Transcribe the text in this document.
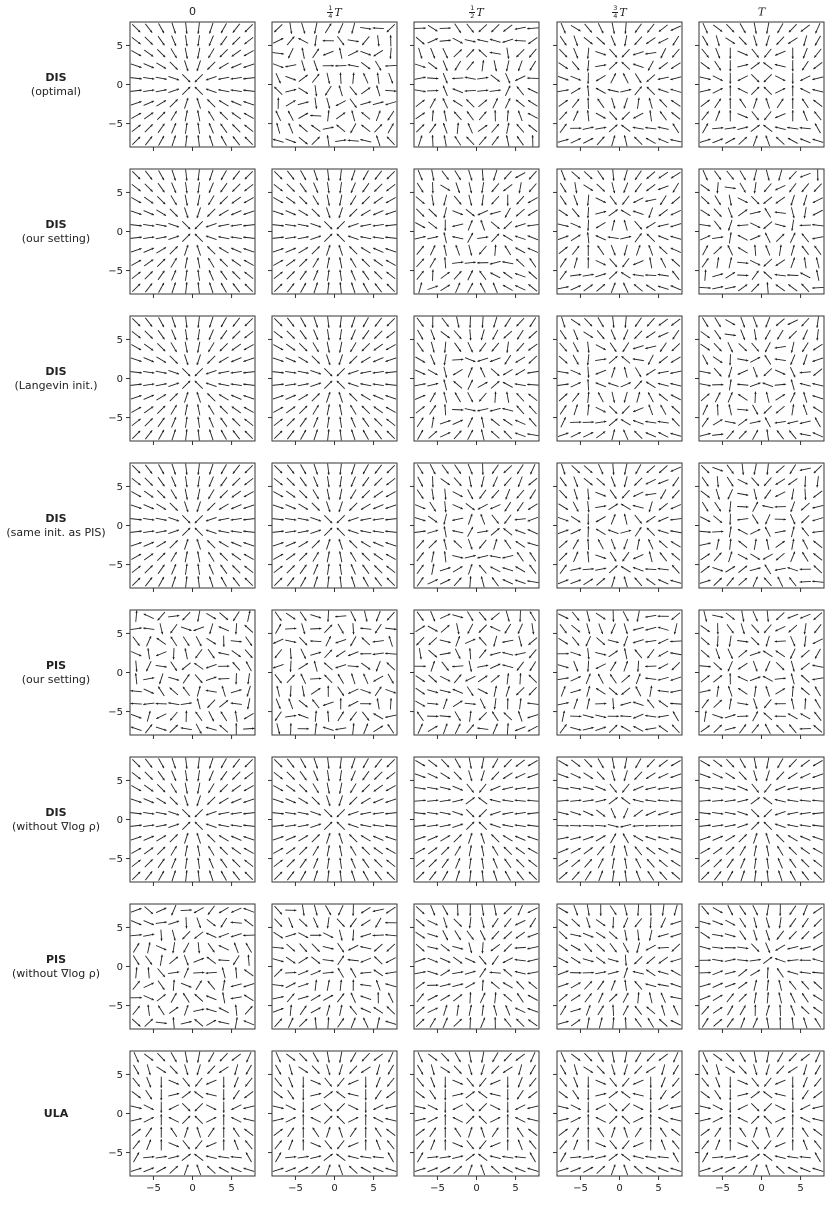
0	$\frac{1}{4}$ T	$\frac{1}{2}$ T	$\frac{3}{4}$ T	T
DIS
(optimal)
DIS
(our setting)
DIS
(Langevin init.)
DIS
(same init. as PIS)
PIS
(our setting)
DIS
(without ∇log ρ)
PIS
(without ∇log ρ)
ULA
5
0
−5
5
0
−5
5
0
−5
5
0
−5
5
0
−5
5
0
−5
5
0
−5
−5	0	5
5
0
−5
−5	0	5	−5	0	5	−5	0	5	−5	0	5
